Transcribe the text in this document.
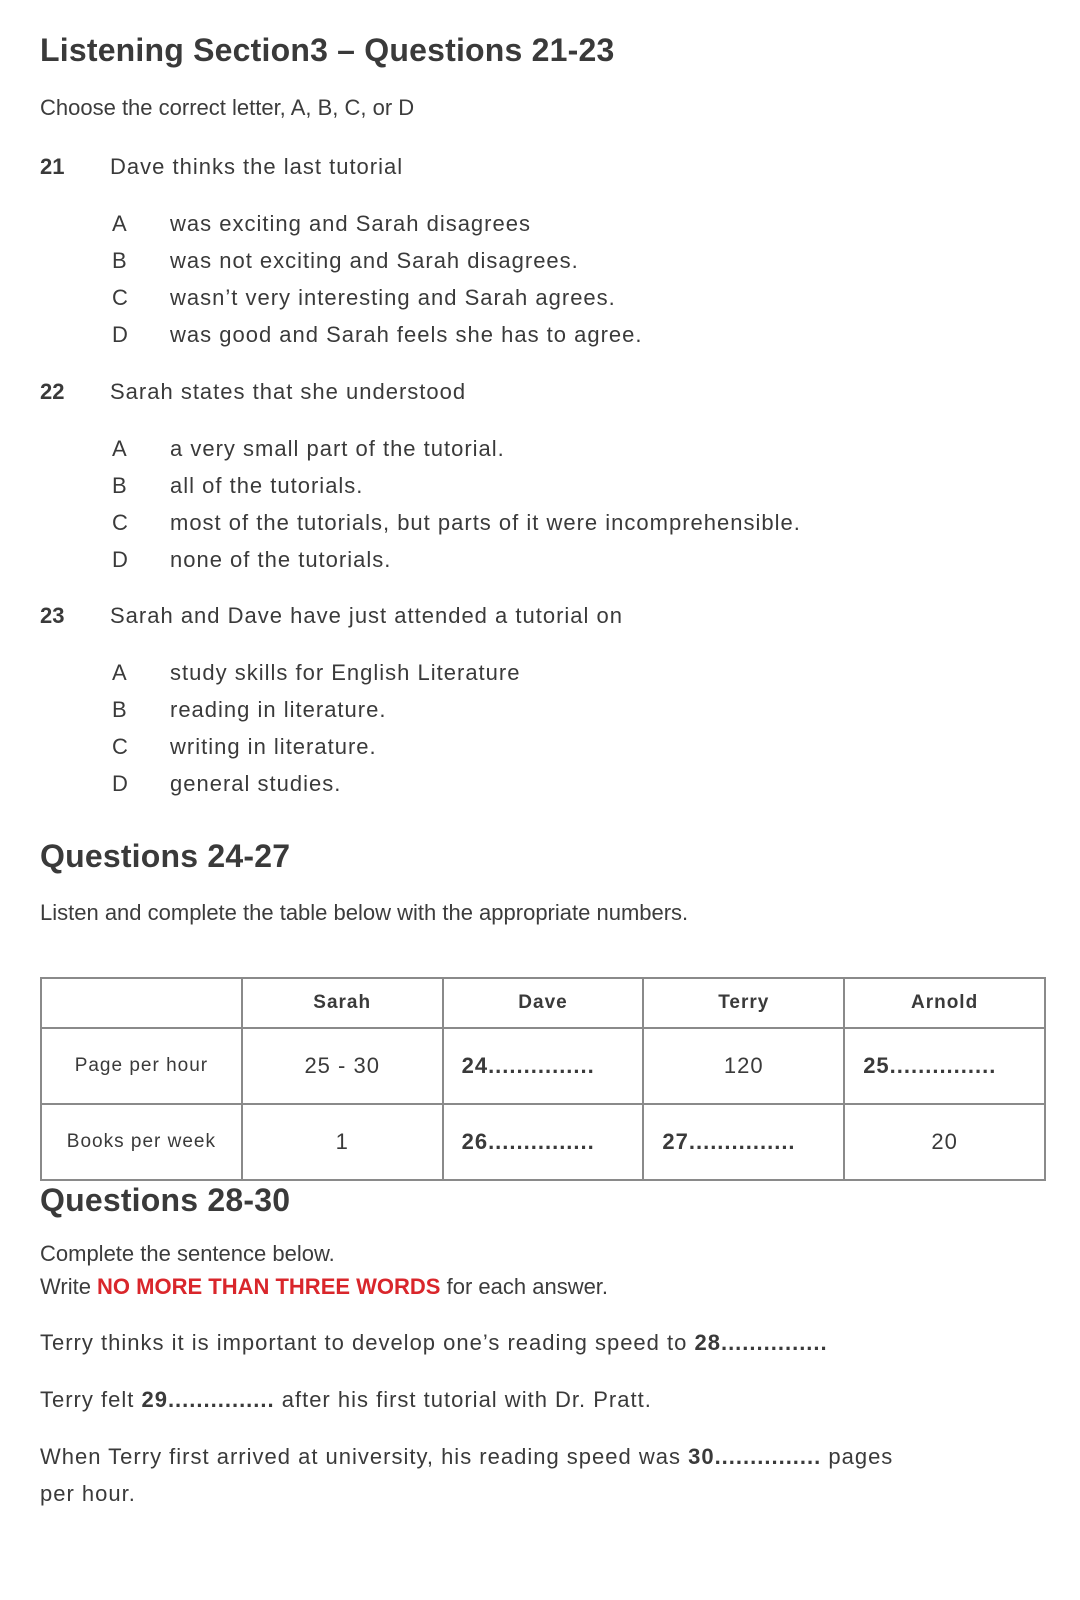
Listening Section3 – Questions 21-23
Choose the correct letter, A, B, C, or D
21 Dave thinks the last tutorial
A was exciting and Sarah disagrees
B was not exciting and Sarah disagrees.
C wasn’t very interesting and Sarah agrees.
D was good and Sarah feels she has to agree.
22 Sarah states that she understood
A a very small part of the tutorial.
B all of the tutorials.
C most of the tutorials, but parts of it were incomprehensible.
D none of the tutorials.
23 Sarah and Dave have just attended a tutorial on
A study skills for English Literature
B reading in literature.
C writing in literature.
D general studies.
Questions 24-27
Listen and complete the table below with the appropriate numbers.
	Sarah	Dave	Terry	Arnold
Page per hour	25 - 30	24...............	120	25...............
Books per week	1	26...............	27...............	20
Questions 28-30
Complete the sentence below.
Write NO MORE THAN THREE WORDS for each answer.
Terry thinks it is important to develop one’s reading speed to 28...............
Terry felt 29............... after his first tutorial with Dr. Pratt.
When Terry first arrived at university, his reading speed was 30............... pages
per hour.
